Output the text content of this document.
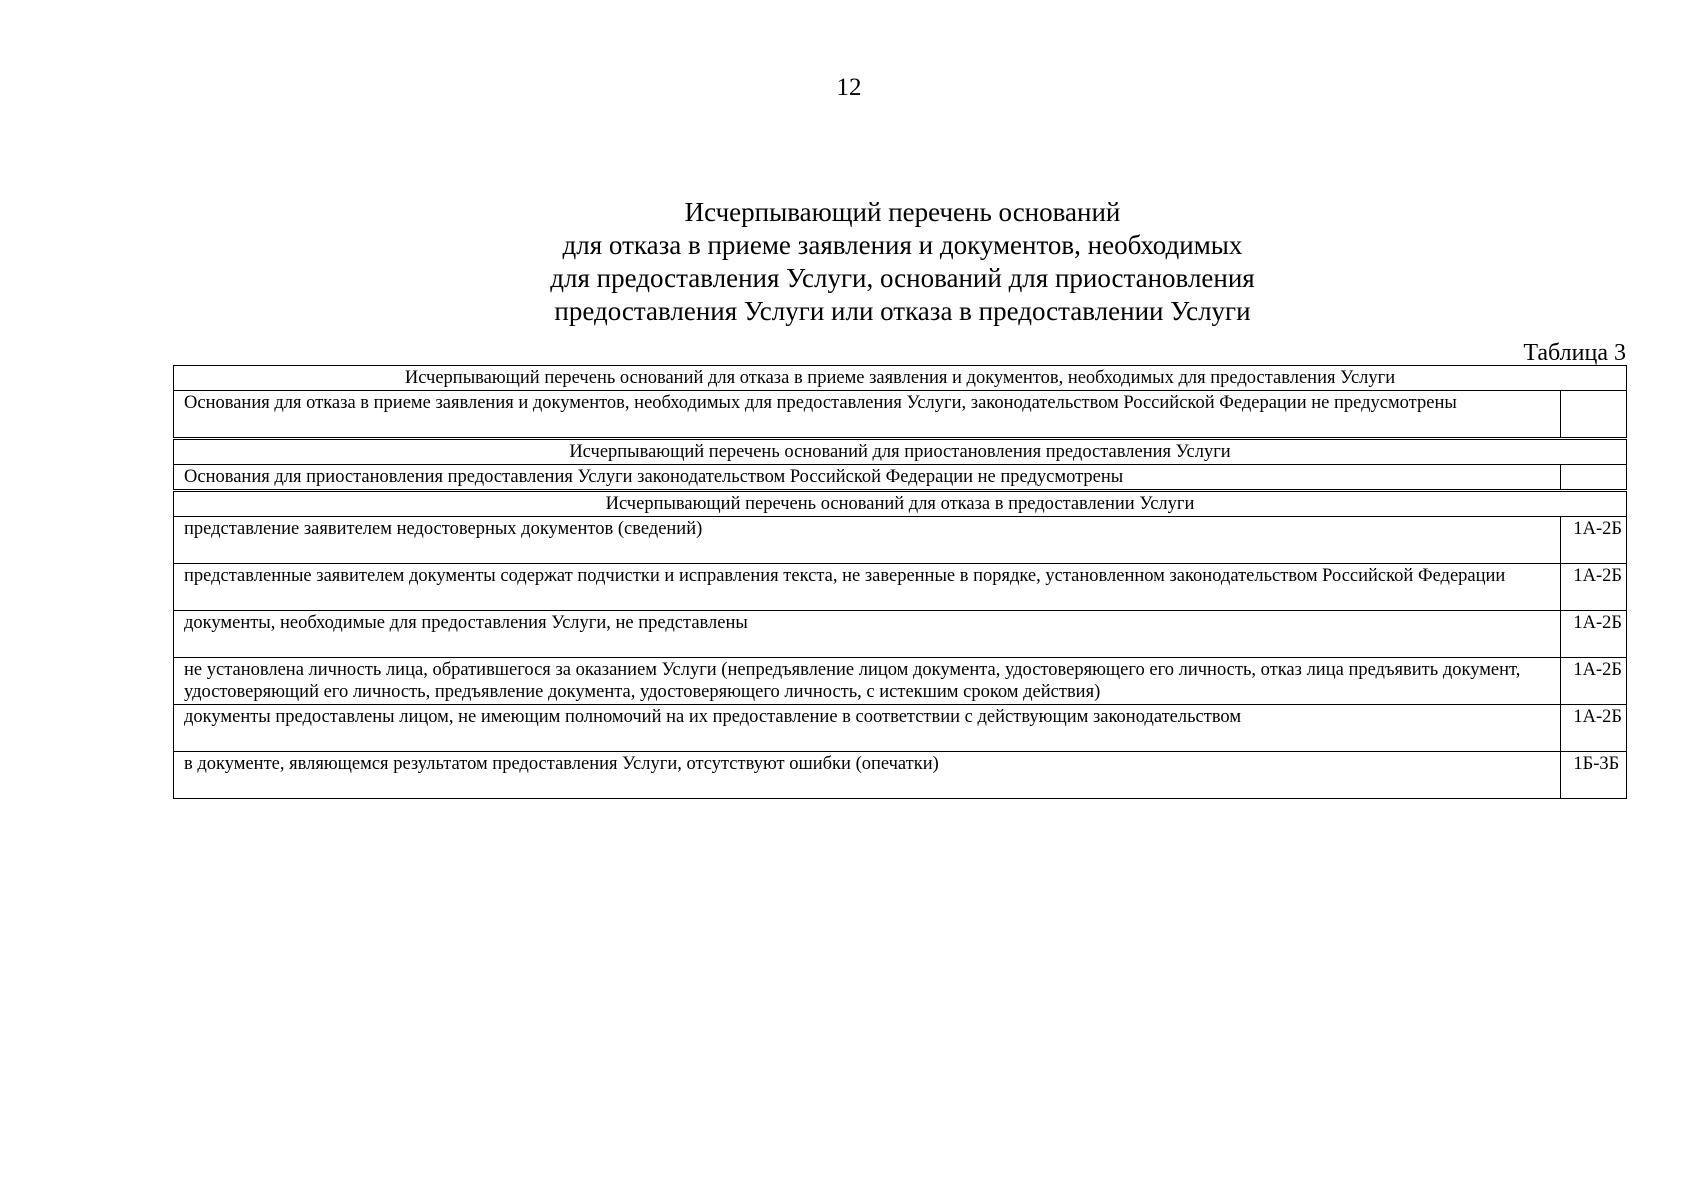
12
Исчерпывающий перечень оснований
для отказа в приеме заявления и документов, необходимых
для предоставления Услуги, оснований для приостановления
предоставления Услуги или отказа в предоставлении Услуги
Таблица 3
Исчерпывающий перечень оснований для отказа в приеме заявления и документов, необходимых для предоставления Услуги	
Основания для отказа в приеме заявления и документов, необходимых для предоставления Услуги, законодательством Российской Федерации не предусмотрены	
Исчерпывающий перечень оснований для приостановления предоставления Услуги	
Основания для приостановления предоставления Услуги законодательством Российской Федерации не предусмотрены	
Исчерпывающий перечень оснований для отказа в предоставлении Услуги	
представление заявителем недостоверных документов (сведений)	1А-2Б
представленные заявителем документы содержат подчистки и исправления текста, не заверенные в порядке, установленном законодательством Российской Федерации	1А-2Б
документы, необходимые для предоставления Услуги, не представлены	1А-2Б
не установлена личность лица, обратившегося за оказанием Услуги (непредъявление лицом документа, удостоверяющего его личность, отказ лица предъявить документ, удостоверяющий его личность, предъявление документа, удостоверяющего личность, с истекшим сроком действия)	1А-2Б
документы предоставлены лицом, не имеющим полномочий на их предоставление в соответствии с действующим законодательством	1А-2Б
в документе, являющемся результатом предоставления Услуги, отсутствуют ошибки (опечатки)	1Б-3Б
